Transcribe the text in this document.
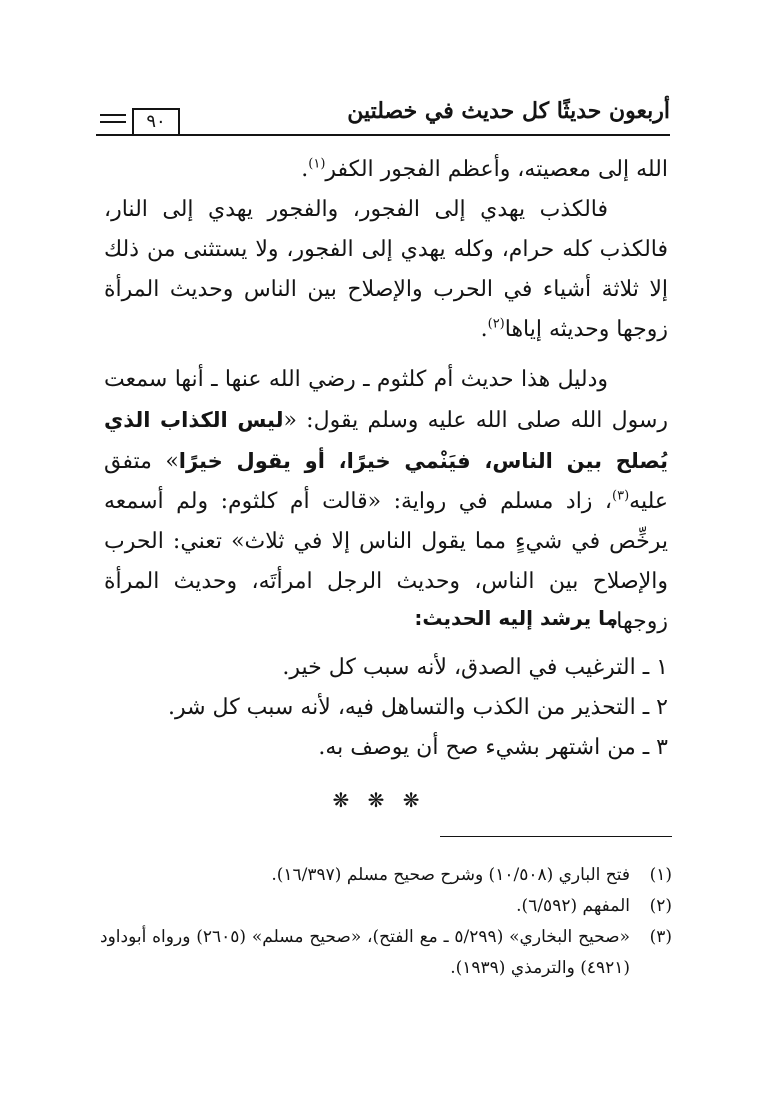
٩٠	أربعون حديثًا كل حديث في خصلتين

الله إلى معصيته، وأعظم الفجور الكفر$^{(١)}$.

فالكذب يهدي إلى الفجور، والفجور يهدي إلى النار، فالكذب كله حرام، وكله يهدي إلى الفجور، ولا يستثنى من ذلك إلا ثلاثة أشياء في الحرب والإصلاح بين الناس وحديث المرأة زوجها وحديثه إياها$^{(٢)}$.

ودليل هذا حديث أم كلثوم ـ رضي الله عنها ـ أنها سمعت رسول الله صلى الله عليه وسلم يقول: «ليس الكذاب الذي يُصلح بين الناس، فيَنْمي خيرًا، أو يقول خيرًا» متفق عليه$^{(٣)}$، زاد مسلم في رواية: «قالت أم كلثوم: ولم أسمعه يرخِّص في شيءٍ مما يقول الناس إلا في ثلاث» تعني: الحرب والإصلاح بين الناس، وحديث الرجل امرأتَه، وحديث المرأة زوجها.

ما يرشد إليه الحديث:
١ ـ الترغيب في الصدق، لأنه سبب كل خير.
٢ ـ التحذير من الكذب والتساهل فيه، لأنه سبب كل شر.
٣ ـ من اشتهر بشيء صح أن يوصف به.
❋ ❋ ❋
(١)
فتح الباري (١٠/٥٠٨) وشرح صحيح مسلم (١٦/٣٩٧).
(٢)
المفهم (٦/٥٩٢).
(٣)
«صحيح البخاري» (٥/٢٩٩ ـ مع الفتح)، «صحيح مسلم» (٢٦٠٥) ورواه أبوداود (٤٩٢١) والترمذي (١٩٣٩).
